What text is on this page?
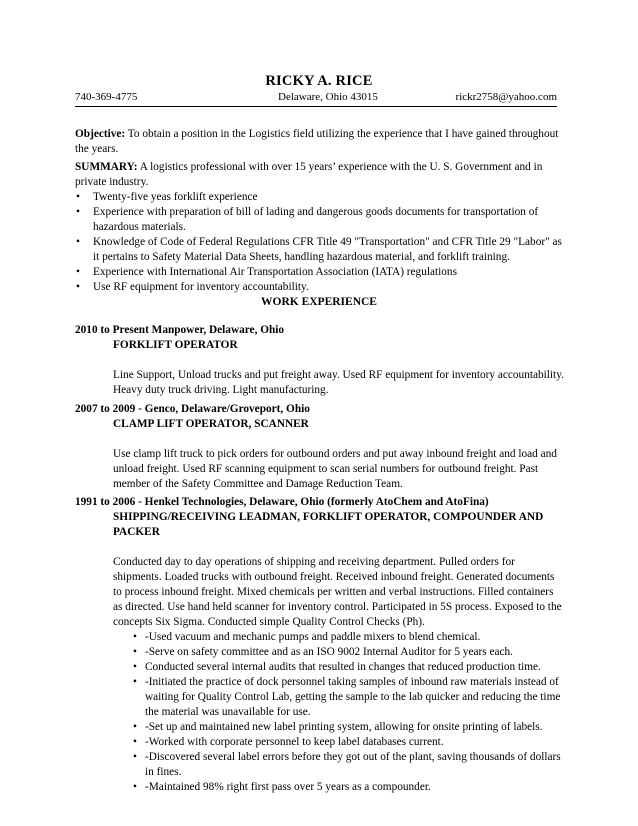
RICKY A. RICE
740-369-4775	Delaware, Ohio 43015	rickr2758@yahoo.com
Objective: To obtain a position in the Logistics field utilizing the experience that I have gained throughout the years.
SUMMARY: A logistics professional with over 15 years’ experience with the U. S. Government and in private industry.
• Twenty-five yeas forklift experience
• Experience with preparation of bill of lading and dangerous goods documents for transportation of hazardous materials.
• Knowledge of Code of Federal Regulations CFR Title 49 "Transportation" and CFR Title 29 "Labor" as it pertains to Safety Material Data Sheets, handling hazardous material, and forklift training.
• Experience with International Air Transportation Association (IATA) regulations
• Use RF equipment for inventory accountability.
WORK EXPERIENCE
2010 to Present Manpower, Delaware, Ohio
FORKLIFT OPERATOR
Line Support, Unload trucks and put freight away. Used RF equipment for inventory accountability. Heavy duty truck driving. Light manufacturing.
2007 to 2009 - Genco, Delaware/Groveport, Ohio
CLAMP LIFT OPERATOR, SCANNER
Use clamp lift truck to pick orders for outbound orders and put away inbound freight and load and unload freight. Used RF scanning equipment to scan serial numbers for outbound freight. Past member of the Safety Committee and Damage Reduction Team.
1991 to 2006 - Henkel Technologies, Delaware, Ohio (formerly AtoChem and AtoFina)
SHIPPING/RECEIVING LEADMAN, FORKLIFT OPERATOR, COMPOUNDER AND PACKER
Conducted day to day operations of shipping and receiving department. Pulled orders for shipments. Loaded trucks with outbound freight. Received inbound freight. Generated documents to process inbound freight. Mixed chemicals per written and verbal instructions. Filled containers as directed. Use hand held scanner for inventory control. Participated in 5S process. Exposed to the concepts Six Sigma. Conducted simple Quality Control Checks (Ph).
• -Used vacuum and mechanic pumps and paddle mixers to blend chemical.
• -Serve on safety committee and as an ISO 9002 Internal Auditor for 5 years each.
• Conducted several internal audits that resulted in changes that reduced production time.
• -Initiated the practice of dock personnel taking samples of inbound raw materials instead of waiting for Quality Control Lab, getting the sample to the lab quicker and reducing the time the material was unavailable for use.
• -Set up and maintained new label printing system, allowing for onsite printing of labels.
• -Worked with corporate personnel to keep label databases current.
• -Discovered several label errors before they got out of the plant, saving thousands of dollars in fines.
• -Maintained 98% right first pass over 5 years as a compounder.
